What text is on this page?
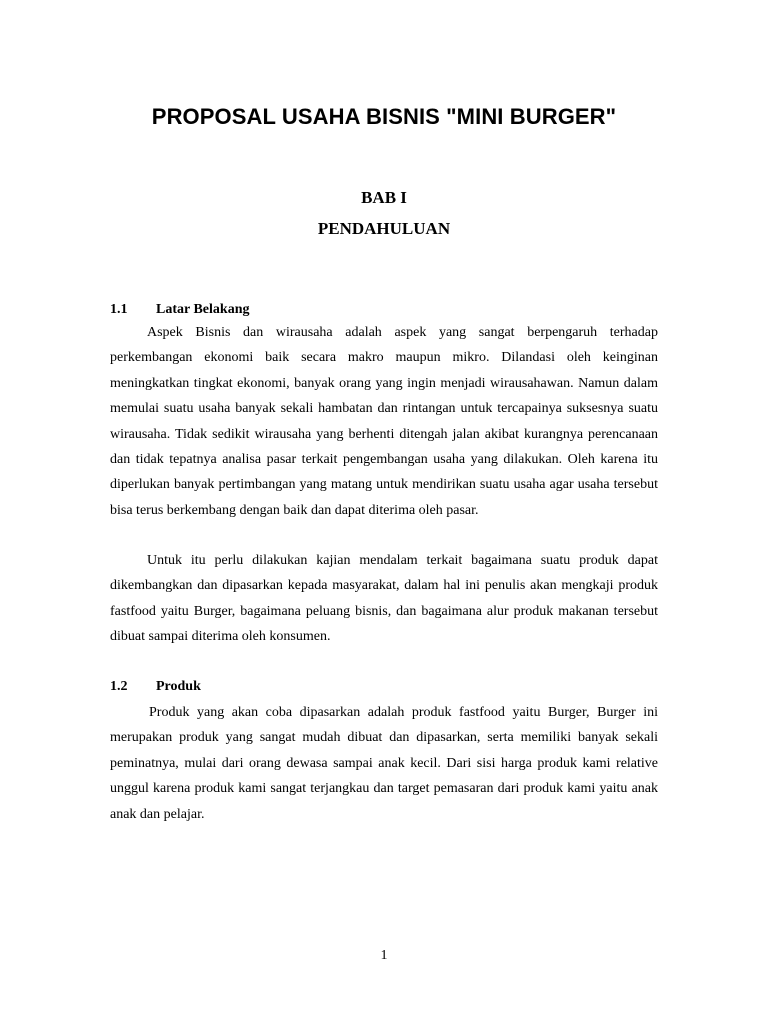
PROPOSAL USAHA BISNIS "MINI BURGER"
BAB I
PENDAHULUAN
1.1 Latar Belakang

Aspek Bisnis dan wirausaha adalah aspek yang sangat berpengaruh terhadap perkembangan ekonomi baik secara makro maupun mikro. Dilandasi oleh keinginan meningkatkan tingkat ekonomi, banyak orang yang ingin menjadi wirausahawan. Namun dalam memulai suatu usaha banyak sekali hambatan dan rintangan untuk tercapainya suksesnya suatu wirausaha. Tidak sedikit wirausaha yang berhenti ditengah jalan akibat kurangnya perencanaan dan tidak tepatnya analisa pasar terkait pengembangan usaha yang dilakukan. Oleh karena itu diperlukan banyak pertimbangan yang matang untuk mendirikan suatu usaha agar usaha tersebut bisa terus berkembang dengan baik dan dapat diterima oleh pasar.

Untuk itu perlu dilakukan kajian mendalam terkait bagaimana suatu produk dapat dikembangkan dan dipasarkan kepada masyarakat, dalam hal ini penulis akan mengkaji produk fastfood yaitu Burger, bagaimana peluang bisnis, dan bagaimana alur produk makanan tersebut dibuat sampai diterima oleh konsumen.

1.2 Produk

Produk yang akan coba dipasarkan adalah produk fastfood yaitu Burger, Burger ini merupakan produk yang sangat mudah dibuat dan dipasarkan, serta memiliki banyak sekali peminatnya, mulai dari orang dewasa sampai anak kecil. Dari sisi harga produk kami relative unggul karena produk kami sangat terjangkau dan target pemasaran dari produk kami yaitu anak anak dan pelajar.

1
